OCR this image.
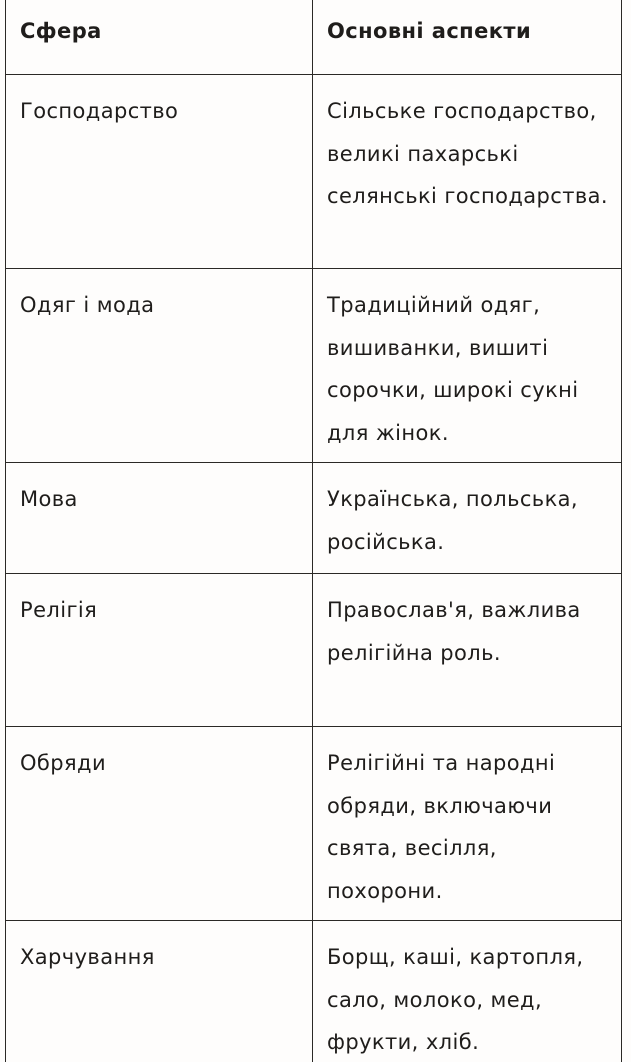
Сфера	Основні аспекти
Господарство	Сільське господарство, великі пахарські селянські господарства.
Одяг і мода	Традиційний одяг, вишиванки, вишиті сорочки, широкі сукні для жінок.
Мова	Українська, польська, російська.
Релігія	Православ'я, важлива релігійна роль.
Обряди	Релігійні та народні обряди, включаючи свята, весілля, похорони.
Харчування	Борщ, каші, картопля, сало, молоко, мед, фрукти, хліб.
